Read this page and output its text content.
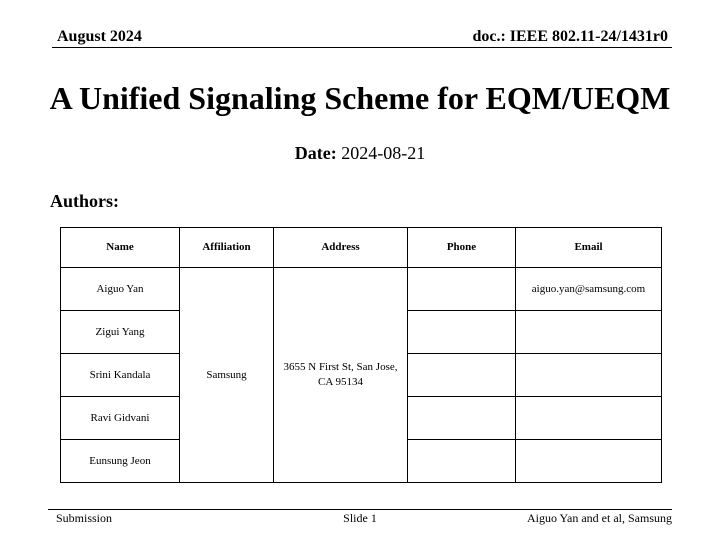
August 2024	doc.: IEEE 802.11-24/1431r0
A Unified Signaling Scheme for EQM/UEQM
Date: 2024-08-21
Authors:
Name	Affiliation	Address	Phone	Email
Aiguo Yan	Samsung	3655 N First St, San Jose, CA 95134		aiguo.yan@samsung.com
Zigui Yang				
Srini Kandala				
Ravi Gidvani				
Eunsung Jeon				
Submission	Slide 1	Aiguo Yan and et al, Samsung
